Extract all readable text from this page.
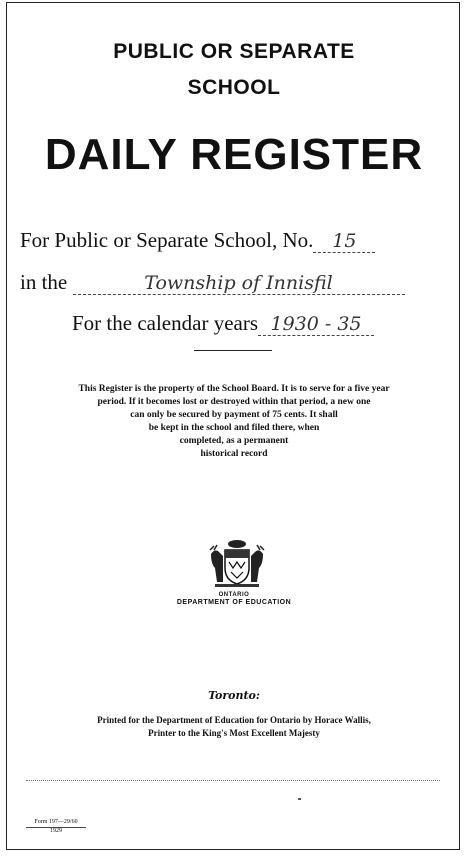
PUBLIC OR SEPARATE
SCHOOL
DAILY REGISTER
For Public or Separate School, No. 15
in the	Township of Innisfil
For the calendar years 1930 - 35
This Register is the property of the School Board. It is to serve for a five year
period. If it becomes lost or destroyed within that period, a new one
can only be secured by payment of 75 cents. It shall
be kept in the school and filed there, when
completed, as a permanent
historical record
ONTARIO
DEPARTMENT OF EDUCATION
Toronto:
Printed for the Department of Education for Ontario by Horace Wallis,
Printer to the King's Most Excellent Majesty
Form 197—29/60
1929
